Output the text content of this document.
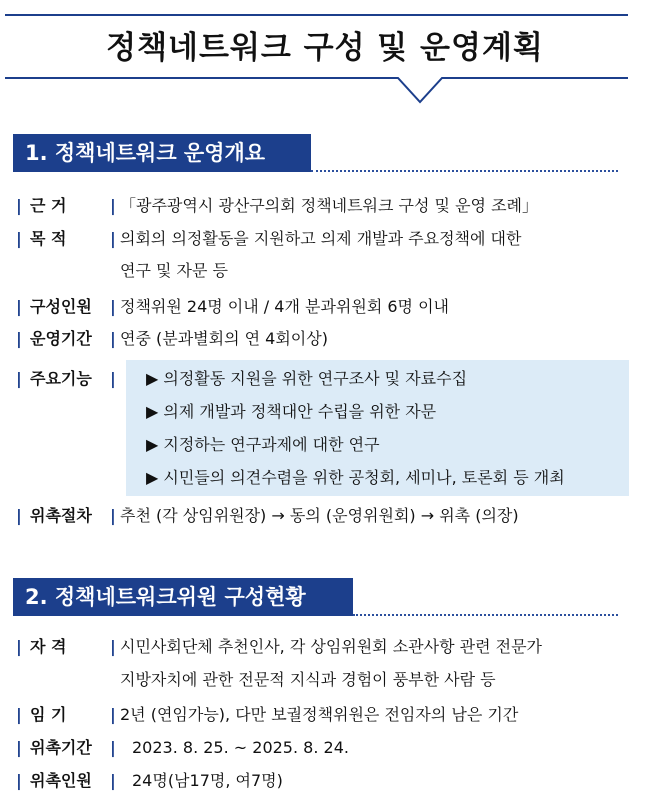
정책네트워크 구성 및 운영계획
1. 정책네트워크 운영개요
| 근 거	| 「광주광역시 광산구의회 정책네트워크 구성 및 운영 조례」
| 목 적	| 의회의 의정활동을 지원하고 의제 개발과 주요정책에 대한
연구 및 자문 등
| 구성인원 | 정책위원 24명 이내 / 4개 분과위원회 6명 이내
| 운영기간 | 연중 (분과별회의 연 4회이상)
| 주요기능 | ▶ 의정활동 지원을 위한 연구조사 및 자료수집
▶ 의제 개발과 정책대안 수립을 위한 자문
▶ 지정하는 연구과제에 대한 연구
▶ 시민들의 의견수렴을 위한 공청회, 세미나, 토론회 등 개최
| 위촉절차 | 추천 (각 상임위원장) → 동의 (운영위원회) → 위촉 (의장)
2. 정책네트워크위원 구성현황
| 자 격	| 시민사회단체 추천인사, 각 상임위원회 소관사항 관련 전문가
지방자치에 관한 전문적 지식과 경험이 풍부한 사람 등
| 임 기	| 2년 (연임가능), 다만 보궐정책위원은 전임자의 남은 기간
| 위촉기간 | 2023. 8. 25. ~ 2025. 8. 24.
| 위촉인원 | 24명(남17명, 여7명)
